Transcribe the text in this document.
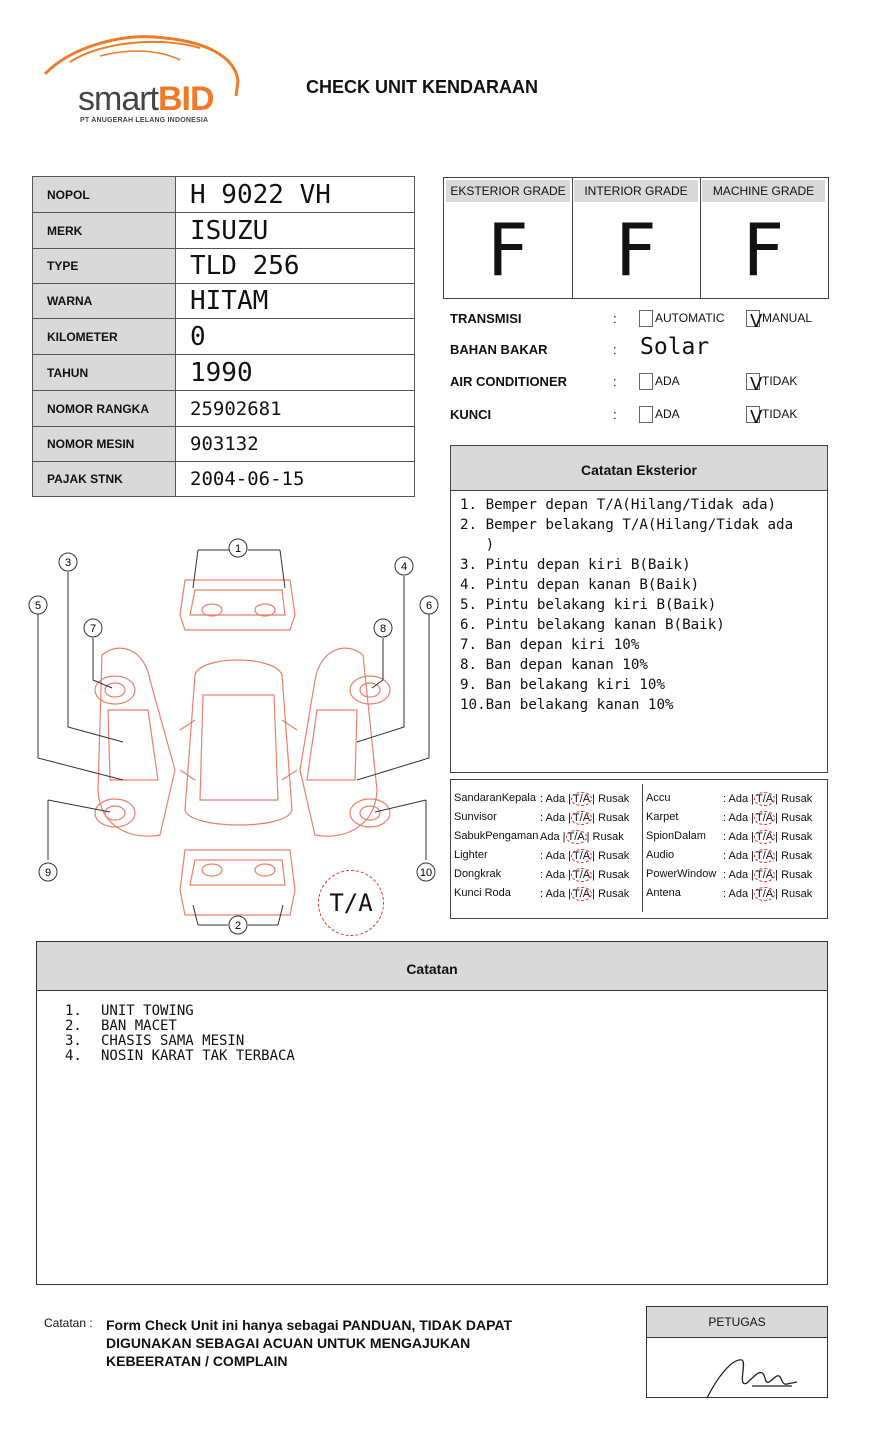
smartBID
PT ANUGERAH LELANG INDONESIA
CHECK UNIT KENDARAAN
NOPOL	H 9022 VH
MERK	ISUZU
TYPE	TLD 256
WARNA	HITAM
KILOMETER	0
TAHUN	1990
NOMOR RANGKA	25902681
NOMOR MESIN	903132
PAJAK STNK	2004-06-15
EKSTERIOR GRADE
F
INTERIOR GRADE
F
MACHINE GRADE
F
TRANSMISI	:	AUTOMATIC V MANUAL
BAHAN BAKAR	: Solar
AIR CONDITIONER	:	ADA	V TIDAK
KUNCI	:	ADA	V TIDAK
Catatan Eksterior
1. Bemper depan T/A(Hilang/Tidak ada)
2. Bemper belakang T/A(Hilang/Tidak ada
)
3. Pintu depan kiri B(Baik)
4. Pintu depan kanan B(Baik)
5. Pintu belakang kiri B(Baik)
6. Pintu belakang kanan B(Baik)
7. Ban depan kiri 10%
8. Ban depan kanan 10%
9. Ban belakang kiri 10%
10.Ban belakang kanan 10%
SandaranKepala : Ada | T/A | Rusak
Sunvisor	: Ada | T/A | Rusak
SabukPengaman Ada | T/A | Rusak
Lighter	: Ada | T/A | Rusak
Dongkrak	: Ada | T/A | Rusak
Kunci Roda	: Ada | T/A | Rusak
Accu	: Ada | T/A | Rusak
Karpet	: Ada | T/A | Rusak
SpionDalam : Ada | T/A | Rusak
Audio	: Ada | T/A | Rusak
PowerWindow : Ada | T/A | Rusak
Antena	: Ada | T/A | Rusak
1
2
3	4
5	6
7	8
9	10
T/A
Catatan
1. UNIT TOWING
2. BAN MACET
3. CHASIS SAMA MESIN
4. NOSIN KARAT TAK TERBACA
Catatan : Form Check Unit ini hanya sebagai PANDUAN, TIDAK DAPAT DIGUNAKAN SEBAGAI ACUAN UNTUK MENGAJUKAN KEBEERATAN / COMPLAIN
PETUGAS
